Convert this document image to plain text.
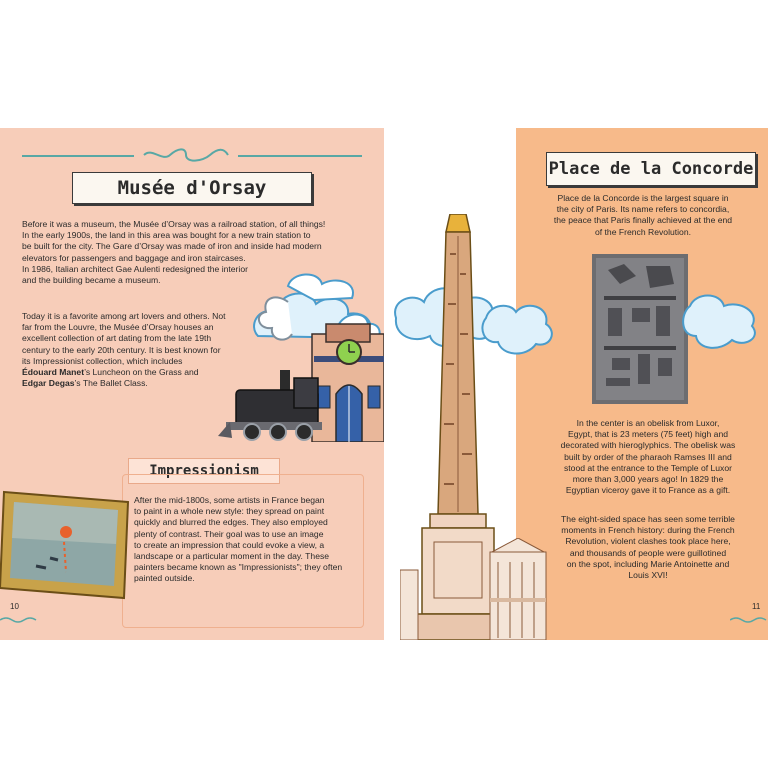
Musée d'Orsay
Before it was a museum, the Musée d’Orsay was a railroad station, of all things!
In the early 1900s, the land in this area was bought for a new train station to
be built for the city. The Gare d’Orsay was made of iron and inside had modern
elevators for passengers and baggage and iron staircases.
In 1986, Italian architect Gae Aulenti redesigned the interior
and the building became a museum.
Today it is a favorite among art lovers and others. Not
far from the Louvre, the Musée d’Orsay houses an
excellent collection of art dating from the late 19th
century to the early 20th century. It is best known for
its Impressionist collection, which includes
Édouard Manet’s Luncheon on the Grass and
Edgar Degas’s The Ballet Class.
Impressionism
After the mid-1800s, some artists in France began
to paint in a whole new style: they spread on paint
quickly and blurred the edges. They also employed
plenty of contrast. Their goal was to use an image
to create an impression that could evoke a view, a
landscape or a particular moment in the day. These
painters became known as "Impressionists"; they often
painted outside.
10
Place de la Concorde
Place de la Concorde is the largest square in
the city of Paris. Its name refers to concordia,
the peace that Paris finally achieved at the end
of the French Revolution.
In the center is an obelisk from Luxor,
Egypt, that is 23 meters (75 feet) high and
decorated with hieroglyphics. The obelisk was
built by order of the pharaoh Ramses III and
stood at the entrance to the Temple of Luxor
more than 3,000 years ago! In 1829 the
Egyptian viceroy gave it to France as a gift.
The eight-sided space has seen some terrible
moments in French history: during the French
Revolution, violent clashes took place here,
and thousands of people were guillotined
on the spot, including Marie Antoinette and
Louis XVI!
11
